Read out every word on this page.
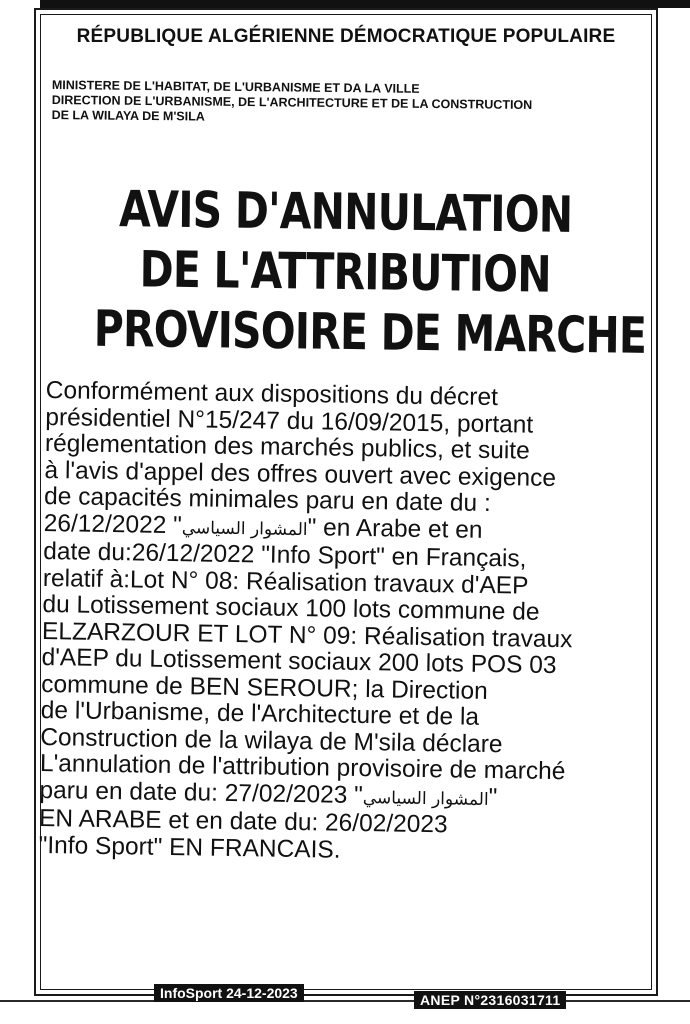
RÉPUBLIQUE ALGÉRIENNE DÉMOCRATIQUE POPULAIRE
MINISTERE DE L'HABITAT, DE L'URBANISME ET DA LA VILLE
DIRECTION DE L'URBANISME, DE L'ARCHITECTURE ET DE LA CONSTRUCTION
DE LA WILAYA DE M'SILA
AVIS D'ANNULATION
DE L'ATTRIBUTION
PROVISOIRE DE MARCHE
Conformément aux dispositions du décret
présidentiel N°15/247 du 16/09/2015, portant
réglementation des marchés publics, et suite
à l'avis d'appel des offres ouvert avec exigence
de capacités minimales paru en date du :
26/12/2022 "المشوار السياسي" en Arabe et en
date du:26/12/2022 "Info Sport" en Français,
relatif à:Lot N° 08: Réalisation travaux d'AEP
du Lotissement sociaux 100 lots commune de
ELZARZOUR ET LOT N° 09: Réalisation travaux
d'AEP du Lotissement sociaux 200 lots POS 03
commune de BEN SEROUR; la Direction
de l'Urbanisme, de l'Architecture et de la
Construction de la wilaya de M'sila déclare
L'annulation de l'attribution provisoire de marché
paru en date du: 27/02/2023 "المشوار السياسي"
EN ARABE et en date du: 26/02/2023
"Info Sport" EN FRANCAIS.
InfoSport 24-12-2023	ANEP N°2316031711
